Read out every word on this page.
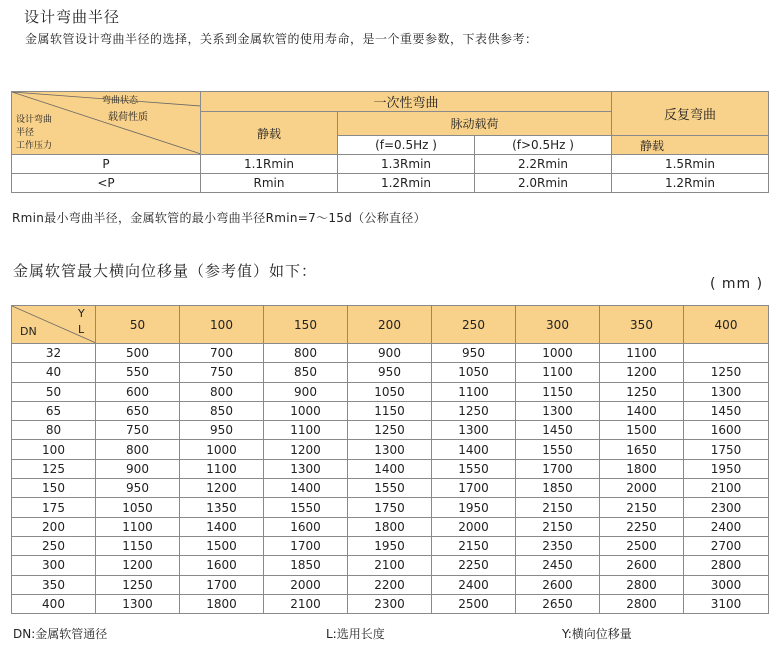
设计弯曲半径
金属软管设计弯曲半径的选择，关系到金属软管的使用寿命，是一个重要参数，下表供参考：
弯曲状态
载荷性质
设计弯曲
半径
工作压力	一次性弯曲			反复弯曲
	静载	脉动载荷		
		(f=0.5Hz )	(f>0.5Hz )	静载
P	1.1Rmin	1.3Rmin	2.2Rmin	1.5Rmin
<P	Rmin	1.2Rmin	2.0Rmin	1.2Rmin
Rmin最小弯曲半径，金属软管的最小弯曲半径Rmin=7～15d（公称直径）
金属软管最大横向位移量（参考值）如下：
( mm )
Y
L
DN	50	100	150	200	250	300	350	400
32	500	700	800	900	950	1000	1100	
40	550	750	850	950	1050	1100	1200	1250
50	600	800	900	1050	1100	1150	1250	1300
65	650	850	1000	1150	1250	1300	1400	1450
80	750	950	1100	1250	1300	1450	1500	1600
100	800	1000	1200	1300	1400	1550	1650	1750
125	900	1100	1300	1400	1550	1700	1800	1950
150	950	1200	1400	1550	1700	1850	2000	2100
175	1050	1350	1550	1750	1950	2150	2150	2300
200	1100	1400	1600	1800	2000	2150	2250	2400
250	1150	1500	1700	1950	2150	2350	2500	2700
300	1200	1600	1850	2100	2250	2450	2600	2800
350	1250	1700	2000	2200	2400	2600	2800	3000
400	1300	1800	2100	2300	2500	2650	2800	3100
DN:金属软管通径	L:选用长度	Y:横向位移量
